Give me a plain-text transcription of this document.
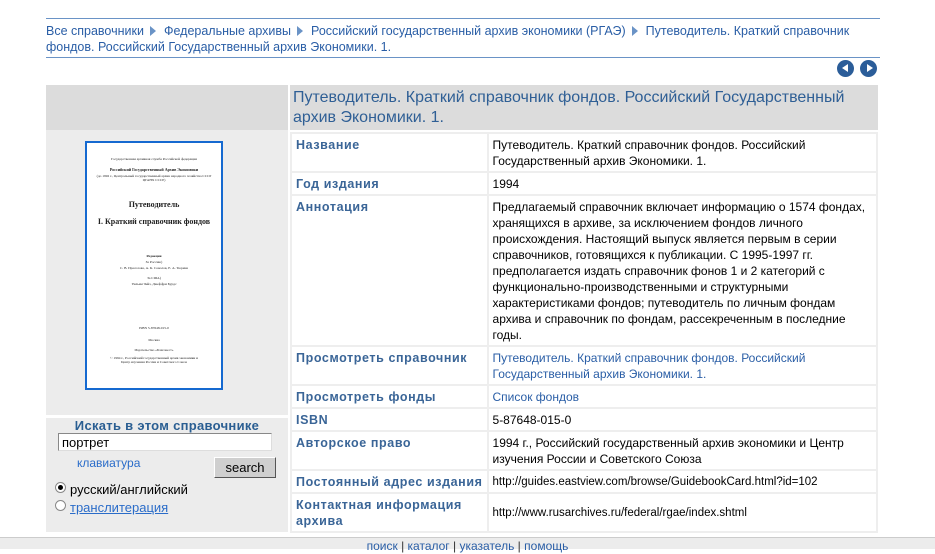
Все справочники Федеральные архивы Российский государственный архив экономики (РГАЭ) Путеводитель. Краткий справочник фондов. Российский Государственный архив Экономики. 1.
Государственная архивная служба Российской федерации
Российский Государственный Архив Экономики
(до 1992 г., Центральный государственный архив народного хозяйства СССР
ЦГАНХ СССР)
Путеводитель
I. Краткий справочник фондов
Редакция
Зa Россию)
С. В. Прасолова, А. К. Соколов, Е. А. Тюрина
Зa США)
Уильям Чейз, Джеффри Бурдс
ISBN 5-87648-015-0
Москва
Издательство «Благовест»
© 1994 г., Российский государственный архив экономики и Центр изучения России и Советского Союза
Искать в этом справочнике
портрет
клавиатура	search
русский/английский
транслитерация
Путеводитель. Краткий справочник фондов. Российский Государственный архив Экономики. 1.
Название	Путеводитель. Краткий справочник фондов. Российский Государственный архив Экономики. 1.
Год издания	1994
Аннотация	Предлагаемый справочник включает информацию о 1574 фондах, хранящихся в архиве, за исключением фондов личного происхождения. Настоящий выпуск является первым в серии справочников, готовящихся к публикации. С 1995-1997 гг. предполагается издать справочник фонов 1 и 2 категорий с функционально-производственными и структурными характеристиками фондов; путеводитель по личным фондам архива и справочник по фондам, рассекреченным в последние годы.
Просмотреть справочник	Путеводитель. Краткий справочник фондов. Российский Государственный архив Экономики. 1.
Просмотреть фонды	Список фондов
ISBN	5-87648-015-0
Авторское право	1994 г., Российский государственный архив экономики и Центр изучения России и Советского Союза
Постоянный адрес издания	http://guides.eastview.com/browse/GuidebookCard.html?id=102
Контактная информация архива	http://www.rusarchives.ru/federal/rgae/index.shtml
поиск | каталог | указатель | помощь
